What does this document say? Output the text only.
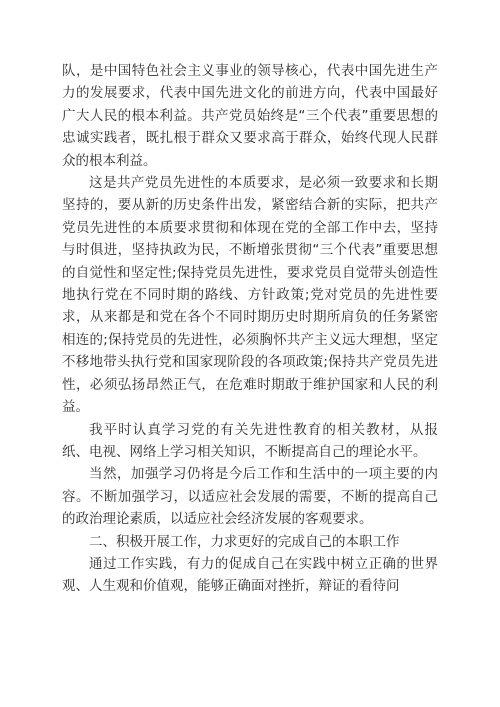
队，是中国特色社会主义事业的领导核心，代表中国先进生产力的发展要求，代表中国先进文化的前进方向，代表中国最好广大人民的根本利益。共产党员始终是“三个代表”重要思想的忠诚实践者，既扎根于群众又要求高于群众，始终代现人民群众的根本利益。

这是共产党员先进性的本质要求，是必须一致要求和长期坚持的，要从新的历史条件出发，紧密结合新的实际，把共产党员先进性的本质要求贯彻和体现在党的全部工作中去，坚持与时俱进，坚持执政为民，不断增张贯彻“三个代表”重要思想的自觉性和坚定性;保持党员先进性，要求党员自觉带头创造性地执行党在不同时期的路线、方针政策;党对党员的先进性要求，从来都是和党在各个不同时期历史时期所肩负的任务紧密相连的;保持党员的先进性，必须胸怀共产主义远大理想，坚定不移地带头执行党和国家现阶段的各项政策;保持共产党员先进性，必须弘扬昂然正气，在危难时期敢于维护国家和人民的利益。

我平时认真学习党的有关先进性教育的相关教材，从报纸、电视、网络上学习相关知识，不断提高自己的理论水平。

当然，加强学习仍将是今后工作和生活中的一项主要的内容。不断加强学习，以适应社会发展的需要，不断的提高自己的政治理论素质，以适应社会经济发展的客观要求。

二、积极开展工作，力求更好的完成自己的本职工作

通过工作实践，有力的促成自己在实践中树立正确的世界观、人生观和价值观，能够正确面对挫折，辩证的看待问
